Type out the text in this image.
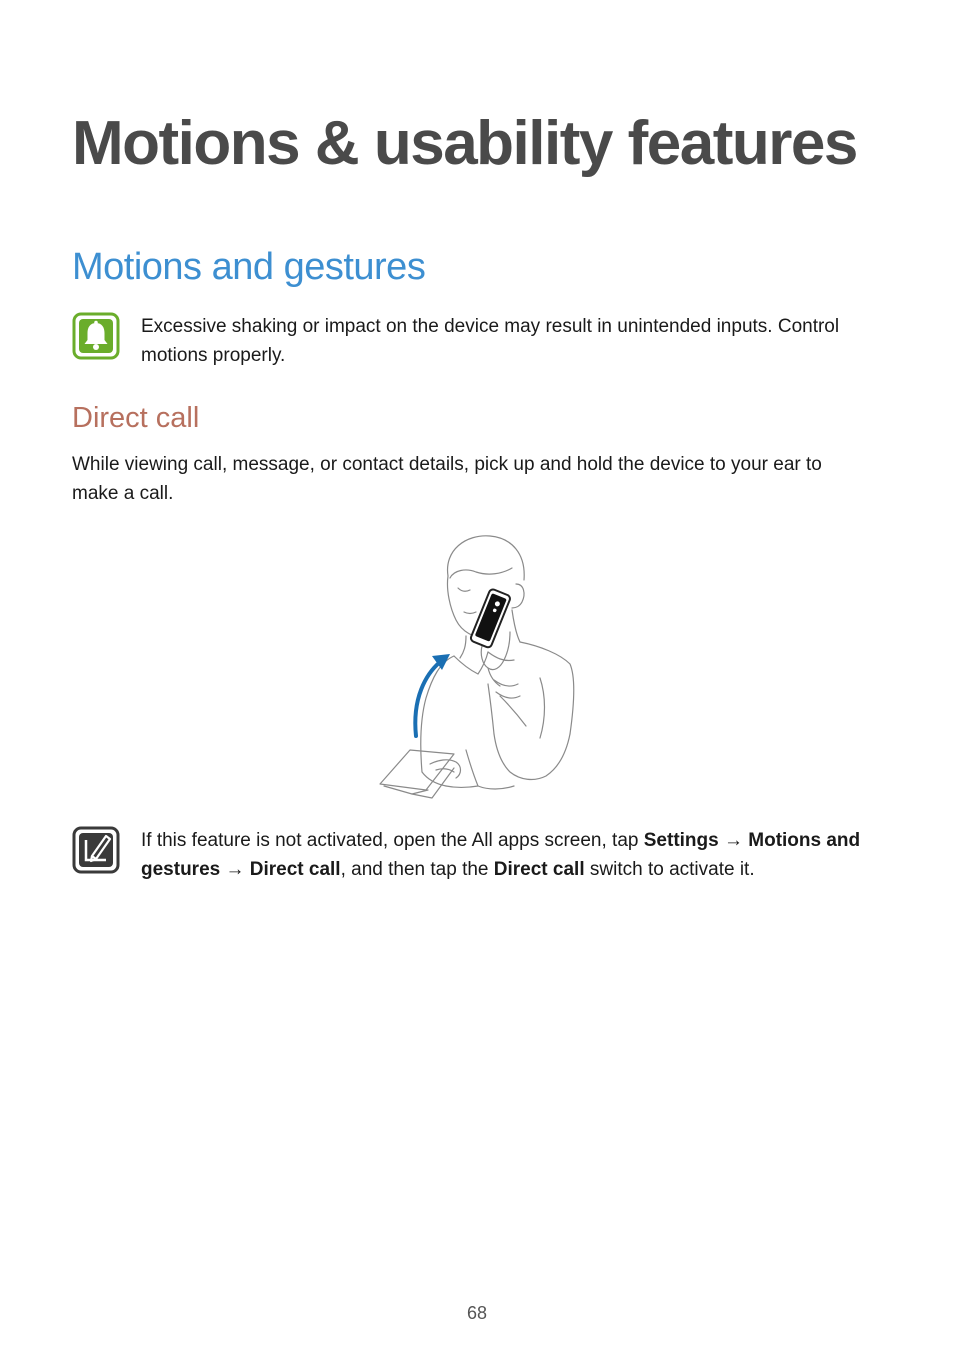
Motions & usability features
Motions and gestures
Excessive shaking or impact on the device may result in unintended inputs. Control motions properly.
Direct call

While viewing call, message, or contact details, pick up and hold the device to your ear to make a call.

If this feature is not activated, open the All apps screen, tap Settings → Motions and gestures → Direct call, and then tap the Direct call switch to activate it.
68
